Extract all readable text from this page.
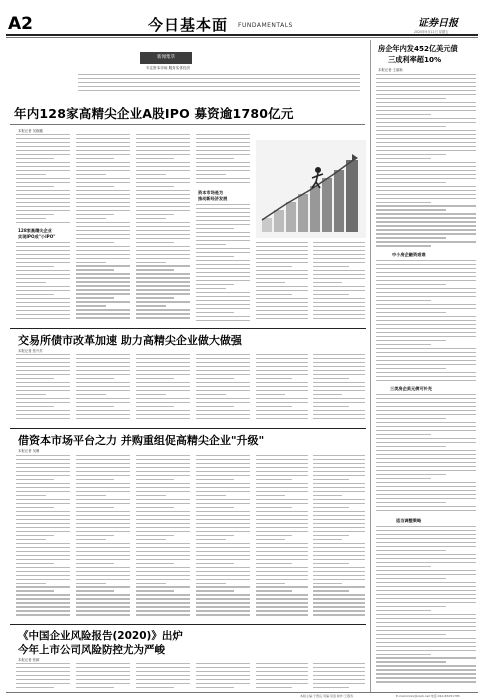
A2	今日基本面 FUNDAMENTALS	证券日报
2020年9月11日 星期五
新闻集萃
专注资本市场 服务实体经济
年内128家高精尖企业A股IPO 募资逾1780亿元
本报记者 吴晓璐
128家高精尖企业
实现IPO成"小IPO"
资本市场是为
推动新经济发展
交易所债市改革加速 助力高精尖企业做大做强
本报记者 张兴苏
借资本市场平台之力 并购重组促高精尖企业"升级"
本报记者 吴珊
《中国企业风险报告(2020)》出炉
今年上市公司风险防控尤为严峻
本报记者 张颖
房企年内发452亿美元债
三成利率超10%
本报记者 王丽新
中小房企融资艰难
三类房企美元债可补充
适当调整策略
本版主编:于德良 责编:吴澍 制作:王敬涛	E-mail:zmzx@zqrb.net 电话:010-83251785
